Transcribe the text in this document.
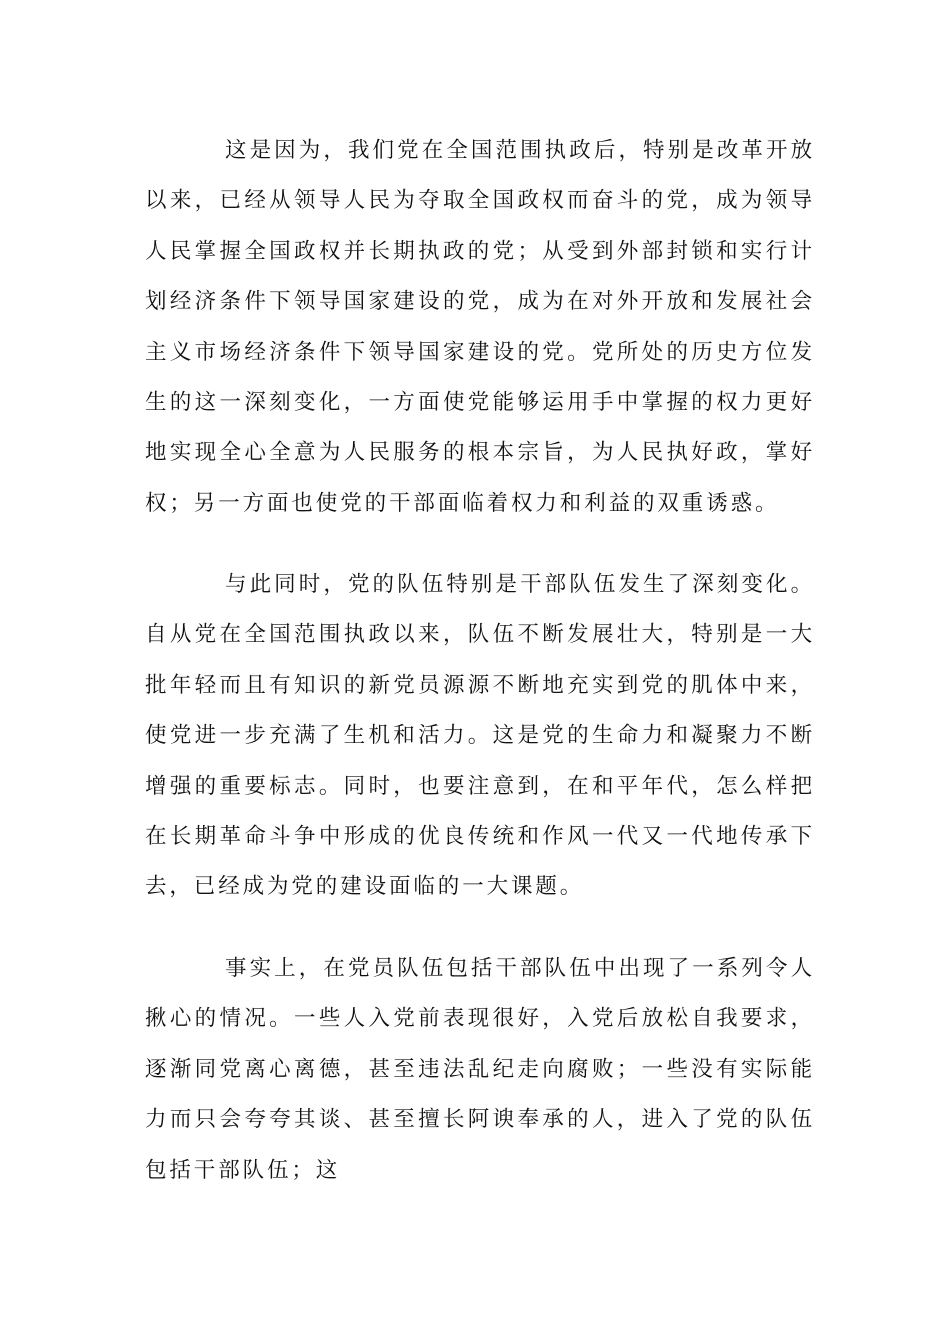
这是因为，我们党在全国范围执政后，特别是改革开放以来，已经从领导人民为夺取全国政权而奋斗的党，成为领导人民掌握全国政权并长期执政的党；从受到外部封锁和实行计划经济条件下领导国家建设的党，成为在对外开放和发展社会主义市场经济条件下领导国家建设的党。党所处的历史方位发生的这一深刻变化，一方面使党能够运用手中掌握的权力更好地实现全心全意为人民服务的根本宗旨，为人民执好政，掌好权；另一方面也使党的干部面临着权力和利益的双重诱惑。

与此同时，党的队伍特别是干部队伍发生了深刻变化。自从党在全国范围执政以来，队伍不断发展壮大，特别是一大批年轻而且有知识的新党员源源不断地充实到党的肌体中来，使党进一步充满了生机和活力。这是党的生命力和凝聚力不断增强的重要标志。同时，也要注意到，在和平年代，怎么样把在长期革命斗争中形成的优良传统和作风一代又一代地传承下去，已经成为党的建设面临的一大课题。

事实上，在党员队伍包括干部队伍中出现了一系列令人揪心的情况。一些人入党前表现很好，入党后放松自我要求，逐渐同党离心离德，甚至违法乱纪走向腐败；一些没有实际能力而只会夸夸其谈、甚至擅长阿谀奉承的人，进入了党的队伍包括干部队伍；这
